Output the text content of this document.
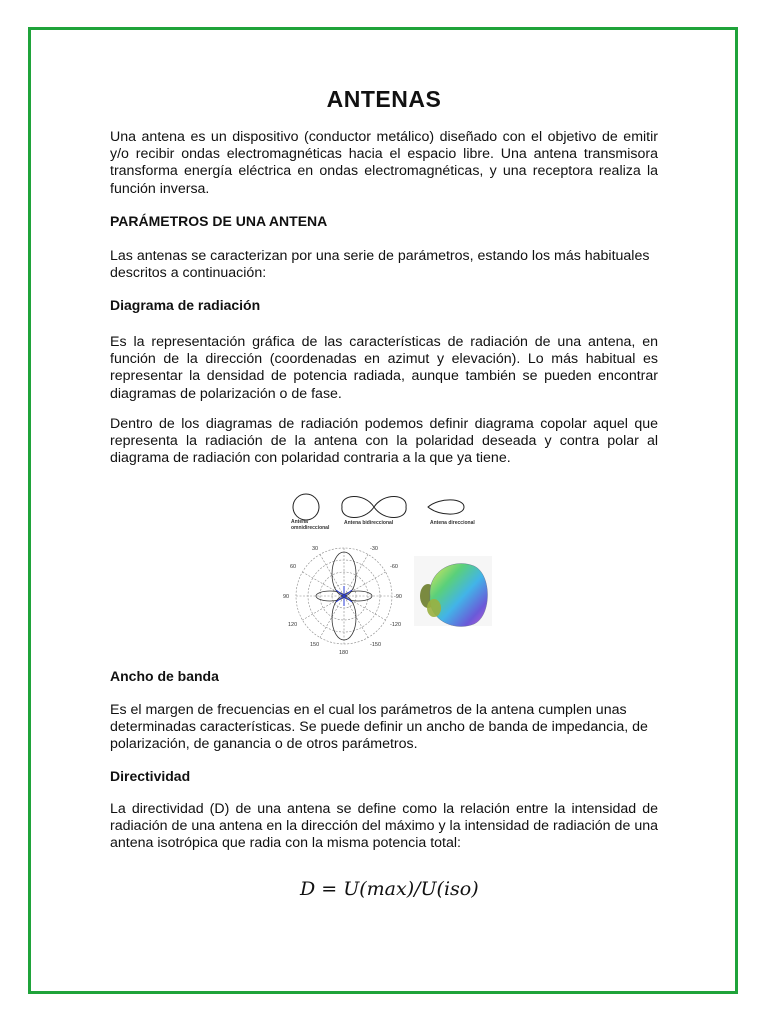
ANTENAS
Una antena es un dispositivo (conductor metálico) diseñado con el objetivo de emitir y/o recibir ondas electromagnéticas hacia el espacio libre. Una antena transmisora transforma energía eléctrica en ondas electromagnéticas, y una receptora realiza la función inversa.
PARÁMETROS DE UNA ANTENA
Las antenas se caracterizan por una serie de parámetros, estando los más habituales descritos a continuación:
Diagrama de radiación
Es la representación gráfica de las características de radiación de una antena, en función de la dirección (coordenadas en azimut y elevación). Lo más habitual es representar la densidad de potencia radiada, aunque también se pueden encontrar diagramas de polarización o de fase.
Dentro de los diagramas de radiación podemos definir diagrama copolar aquel que representa la radiación de la antena con la polaridad deseada y contra polar al diagrama de radiación con polaridad contraria a la que ya tiene.
Antena
omnidireccional
Antena bidireccional	Antena direccional
30	-30
60	-60
90	-90
120	-120
150	-150
180
Ancho de banda
Es el margen de frecuencias en el cual los parámetros de la antena cumplen unas determinadas características. Se puede definir un ancho de banda de impedancia, de polarización, de ganancia o de otros parámetros.
Directividad
La directividad (D) de una antena se define como la relación entre la intensidad de radiación de una antena en la dirección del máximo y la intensidad de radiación de una antena isotrópica que radia con la misma potencia total:
D = U(max)/U(iso)
